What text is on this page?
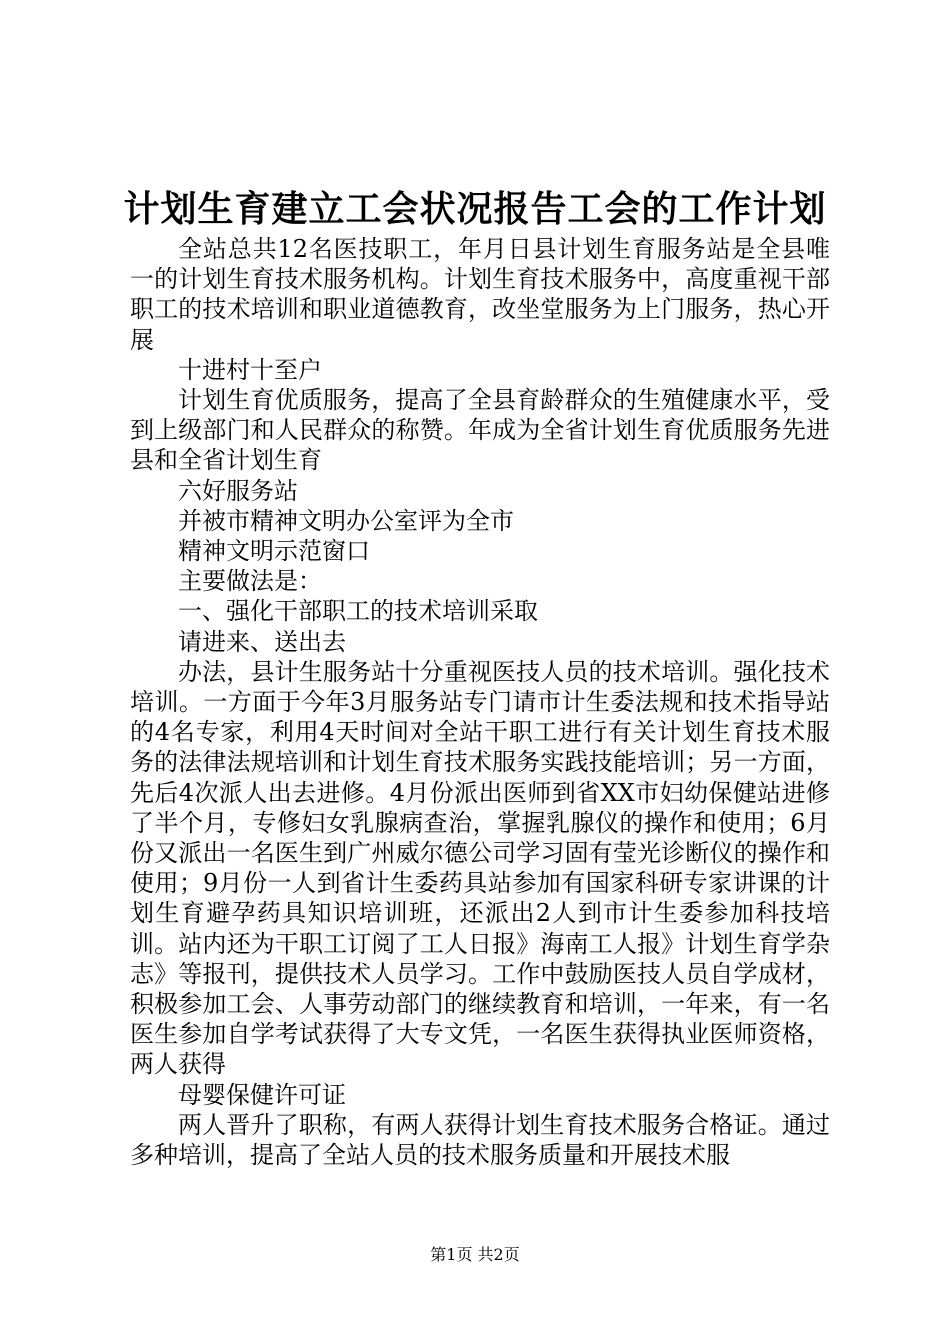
计划生育建立工会状况报告工会的工作计划

全站总共12名医技职工，年月日县计划生育服务站是全县唯一的计划生育技术服务机构。计划生育技术服务中，高度重视干部职工的技术培训和职业道德教育，改坐堂服务为上门服务，热心开展

十进村十至户

计划生育优质服务，提高了全县育龄群众的生殖健康水平，受到上级部门和人民群众的称赞。年成为全省计划生育优质服务先进县和全省计划生育

六好服务站

并被市精神文明办公室评为全市

精神文明示范窗口

主要做法是：

一、强化干部职工的技术培训采取

请进来、送出去

办法，县计生服务站十分重视医技人员的技术培训。强化技术培训。一方面于今年3月服务站专门请市计生委法规和技术指导站的4名专家，利用4天时间对全站干职工进行有关计划生育技术服务的法律法规培训和计划生育技术服务实践技能培训；另一方面，先后4次派人出去进修。4月份派出医师到省XX市妇幼保健站进修了半个月，专修妇女乳腺病查治，掌握乳腺仪的操作和使用；6月份又派出一名医生到广州威尔德公司学习固有莹光诊断仪的操作和使用；9月份一人到省计生委药具站参加有国家科研专家讲课的计划生育避孕药具知识培训班，还派出2人到市计生委参加科技培训。站内还为干职工订阅了工人日报》海南工人报》计划生育学杂志》等报刊，提供技术人员学习。工作中鼓励医技人员自学成材，积极参加工会、人事劳动部门的继续教育和培训，一年来，有一名医生参加自学考试获得了大专文凭，一名医生获得执业医师资格，两人获得

母婴保健许可证

两人晋升了职称，有两人获得计划生育技术服务合格证。通过多种培训，提高了全站人员的技术服务质量和开展技术服

第1页 共2页
